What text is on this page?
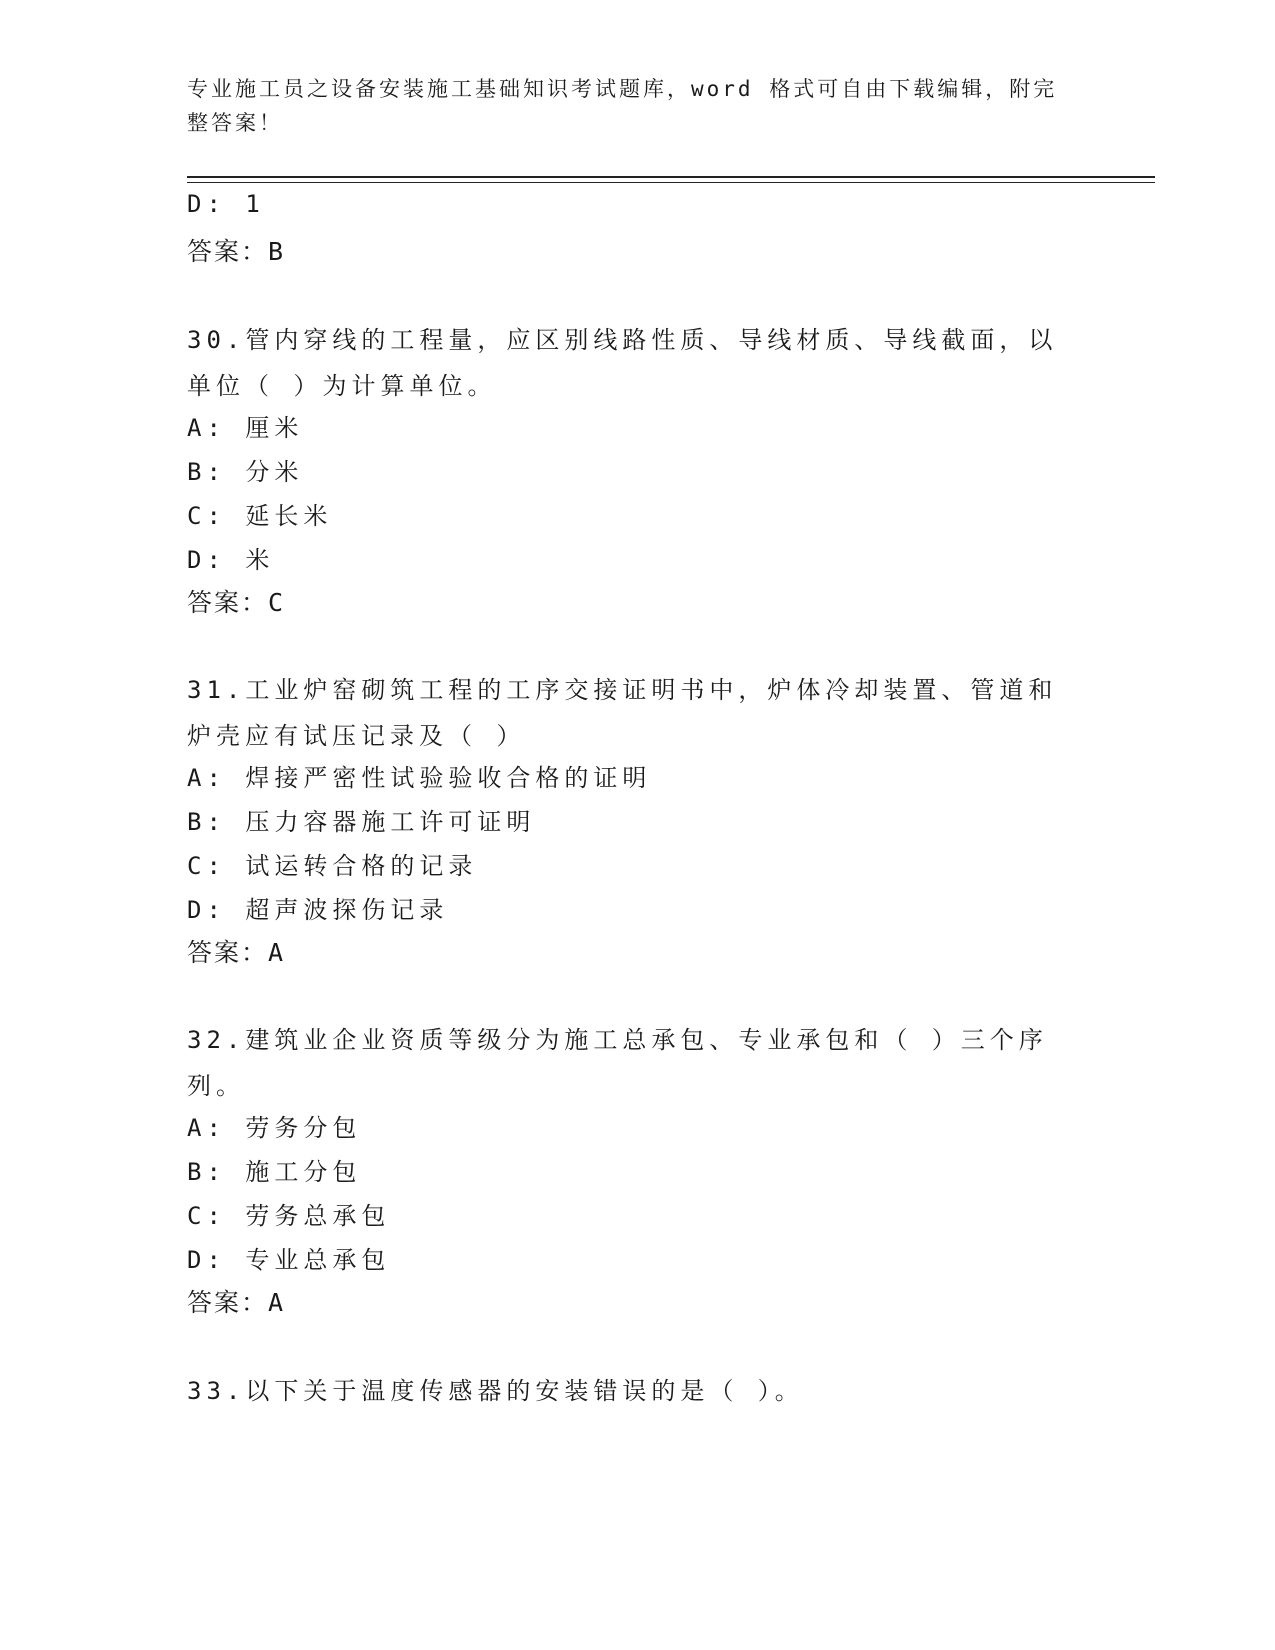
专业施工员之设备安装施工基础知识考试题库，word 格式可自由下载编辑，附完整答案！
D: 1
答案：B
30.管内穿线的工程量，应区别线路性质、导线材质、导线截面，以单位（ ）为计算单位。
A: 厘米
B: 分米
C: 延长米
D: 米
答案：C
31.工业炉窑砌筑工程的工序交接证明书中，炉体冷却装置、管道和炉壳应有试压记录及（ ）
A: 焊接严密性试验验收合格的证明
B: 压力容器施工许可证明
C: 试运转合格的记录
D: 超声波探伤记录
答案：A
32.建筑业企业资质等级分为施工总承包、专业承包和（ ）三个序列。
A: 劳务分包
B: 施工分包
C: 劳务总承包
D: 专业总承包
答案：A
33.以下关于温度传感器的安装错误的是（ ）。
